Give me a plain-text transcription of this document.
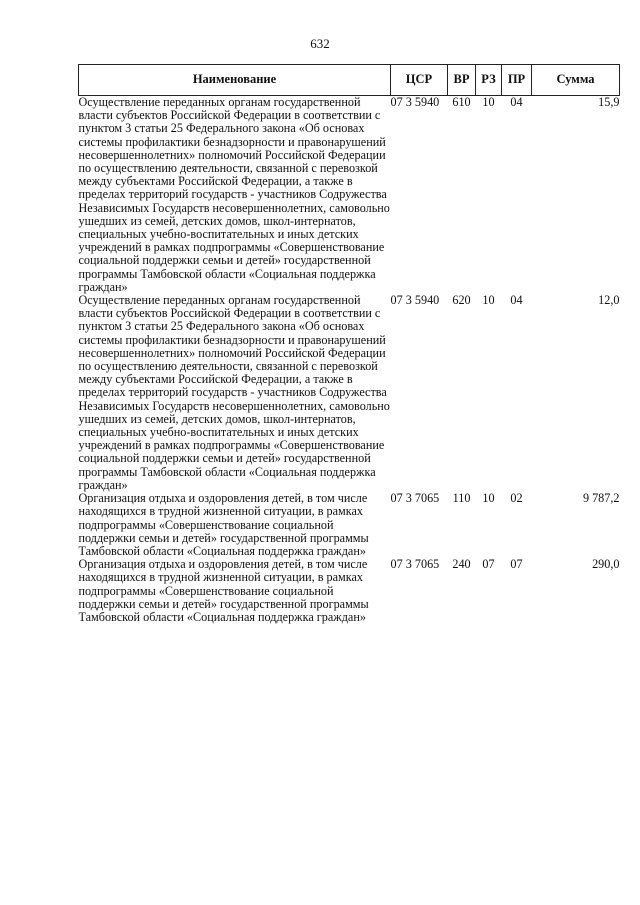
632
Наименование	ЦСР	ВР	РЗ	ПР	Сумма
Осуществление переданных органам государственной власти субъектов Российской Федерации в соответствии с пунктом 3 статьи 25 Федерального закона «Об основах системы профилактики безнадзорности и правонарушений несовершеннолетних» полномочий Российской Федерации по осуществлению деятельности, связанной с перевозкой между субъектами Российской Федерации, а также в пределах территорий государств - участников Содружества Независимых Государств несовершеннолетних, самовольно ушедших из семей, детских домов, школ-интернатов, специальных учебно-воспитательных и иных детских учреждений в рамках подпрограммы «Совершенствование социальной поддержки семьи и детей» государственной программы Тамбовской области «Социальная поддержка граждан»	07 3 5940	610	10	04	15,9
Осуществление переданных органам государственной власти субъектов Российской Федерации в соответствии с пунктом 3 статьи 25 Федерального закона «Об основах системы профилактики безнадзорности и правонарушений несовершеннолетних» полномочий Российской Федерации по осуществлению деятельности, связанной с перевозкой между субъектами Российской Федерации, а также в пределах территорий государств - участников Содружества Независимых Государств несовершеннолетних, самовольно ушедших из семей, детских домов, школ-интернатов, специальных учебно-воспитательных и иных детских учреждений в рамках подпрограммы «Совершенствование социальной поддержки семьи и детей» государственной программы Тамбовской области «Социальная поддержка граждан»	07 3 5940	620	10	04	12,0
Организация отдыха и оздоровления детей, в том числе находящихся в трудной жизненной ситуации, в рамках подпрограммы «Совершенствование социальной поддержки семьи и детей» государственной программы Тамбовской области «Социальная поддержка граждан»	07 3 7065	110	10	02	9 787,2
Организация отдыха и оздоровления детей, в том числе находящихся в трудной жизненной ситуации, в рамках подпрограммы «Совершенствование социальной поддержки семьи и детей» государственной программы Тамбовской области «Социальная поддержка граждан»	07 3 7065	240	07	07	290,0
